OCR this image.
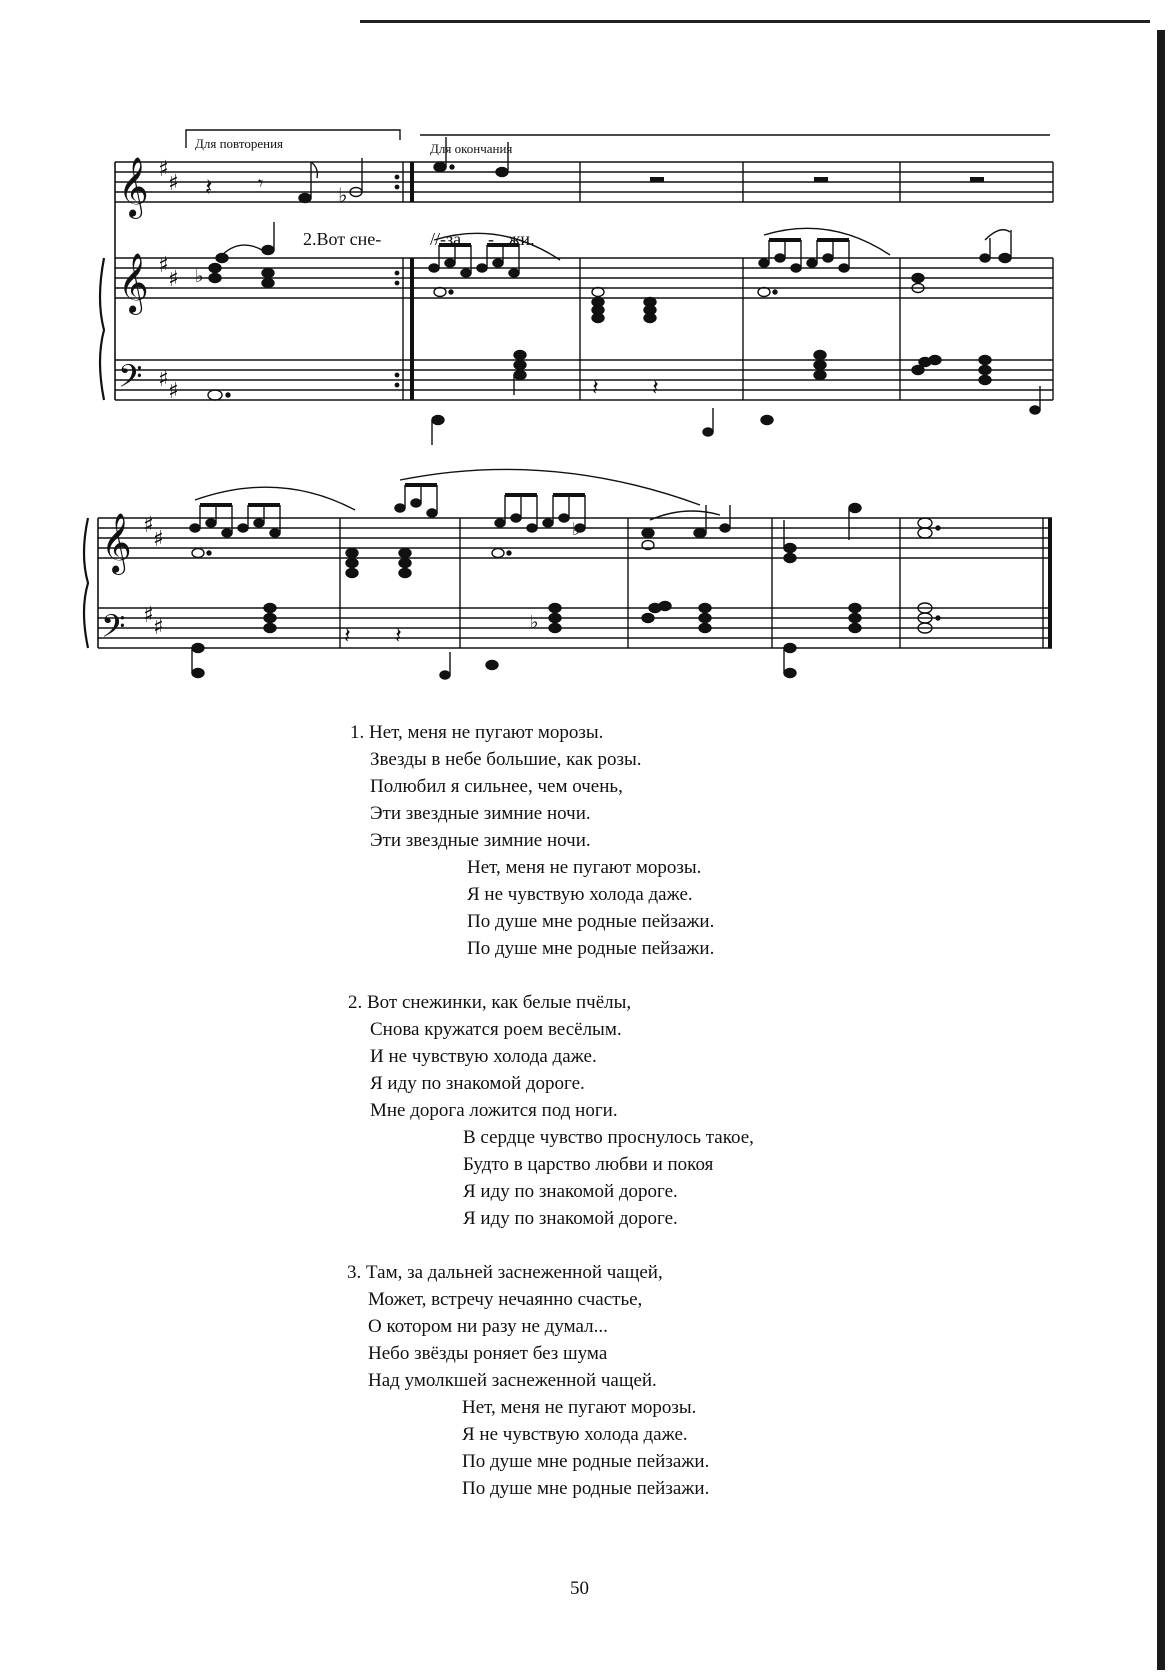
Для повторения	Для окончания
𝄞
𝄞
𝄢
♯
♯
♯
♯
♯ ♯
𝄽 𝄾
♭
♭
𝄽 𝄽
𝄞
𝄢
♯
♯
♯ ♯
♭
𝄽 𝄽
♭
2.Вот сне-	//-за - жи.
1. Нет, меня не пугают морозы.
Звезды в небе большие, как розы.
Полюбил я сильнее, чем очень,
Эти звездные зимние ночи.
Эти звездные зимние ночи.
Нет, меня не пугают морозы.
Я не чувствую холода даже.
По душе мне родные пейзажи.
По душе мне родные пейзажи.
2. Вот снежинки, как белые пчёлы,
Снова кружатся роем весёлым.
И не чувствую холода даже.
Я иду по знакомой дороге.
Мне дорога ложится под ноги.
В сердце чувство проснулось такое,
Будто в царство любви и покоя
Я иду по знакомой дороге.
Я иду по знакомой дороге.
3. Там, за дальней заснеженной чащей,
Может, встречу нечаянно счастье,
О котором ни разу не думал...
Небо звёзды роняет без шума
Над умолкшей заснеженной чащей.
Нет, меня не пугают морозы.
Я не чувствую холода даже.
По душе мне родные пейзажи.
По душе мне родные пейзажи.
50
